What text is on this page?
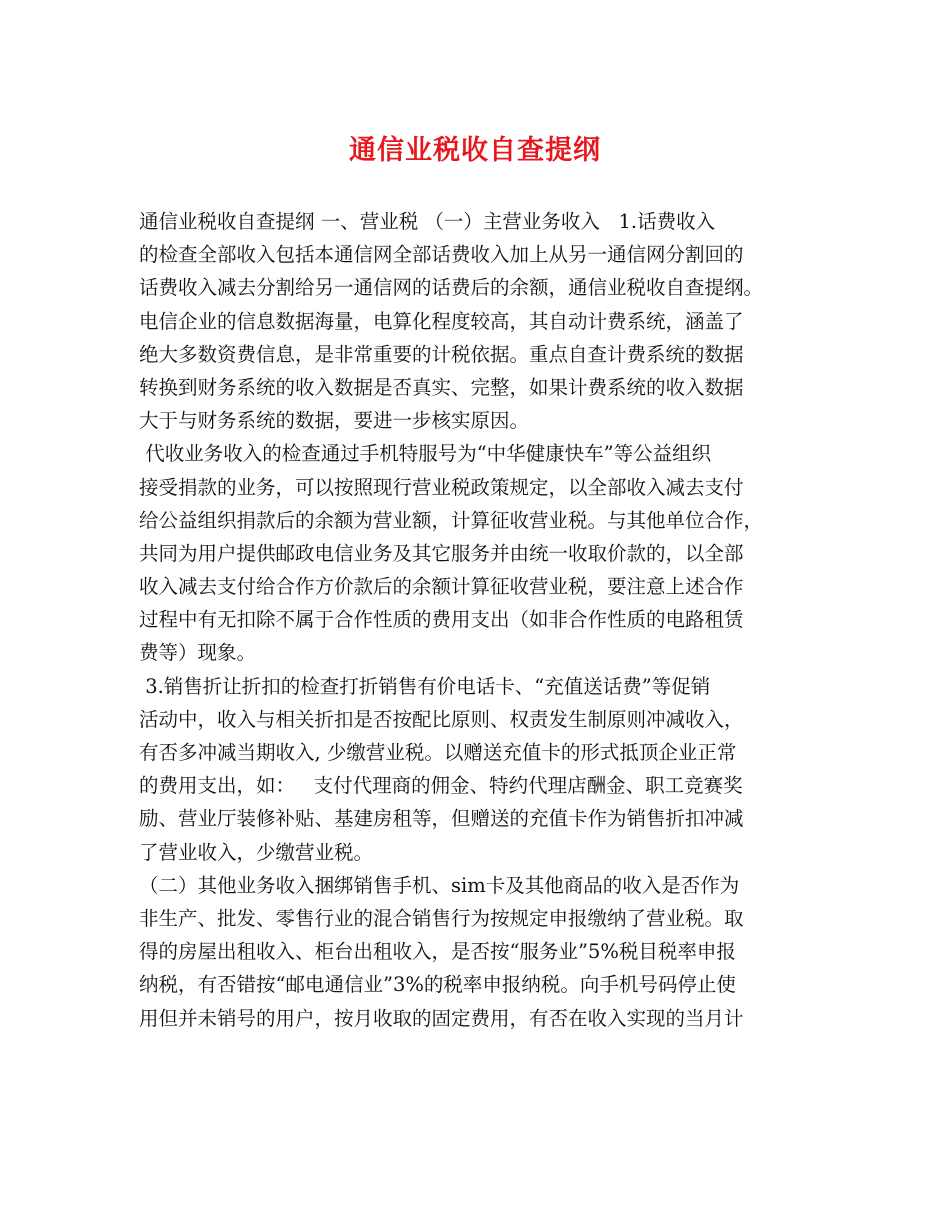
通信业税收自查提纲
通信业税收自查提纲 一、营业税 （一）主营业务收入   1.话费收入
的检查全部收入包括本通信网全部话费收入加上从另一通信网分割回的
话费收入减去分割给另一通信网的话费后的余额，通信业税收自查提纲。
电信企业的信息数据海量，电算化程度较高，其自动计费系统，涵盖了
绝大多数资费信息，是非常重要的计税依据。重点自查计费系统的数据
转换到财务系统的收入数据是否真实、完整，如果计费系统的收入数据
大于与财务系统的数据，要进一步核实原因。
代收业务收入的检查通过手机特服号为“中华健康快车”等公益组织
接受捐款的业务，可以按照现行营业税政策规定，以全部收入减去支付
给公益组织捐款后的余额为营业额，计算征收营业税。与其他单位合作，
共同为用户提供邮政电信业务及其它服务并由统一收取价款的，以全部
收入减去支付给合作方价款后的余额计算征收营业税，要注意上述合作
过程中有无扣除不属于合作性质的费用支出（如非合作性质的电路租赁
费等）现象。
3.销售折让折扣的检查打折销售有价电话卡、“充值送话费”等促销
活动中，收入与相关折扣是否按配比原则、权责发生制原则冲减收入，
有否多冲减当期收入, 少缴营业税。以赠送充值卡的形式抵顶企业正常
的费用支出，如：   支付代理商的佣金、特约代理店酬金、职工竞赛奖
励、营业厅装修补贴、基建房租等，但赠送的充值卡作为销售折扣冲减
了营业收入，少缴营业税。
（二）其他业务收入捆绑销售手机、sim卡及其他商品的收入是否作为
非生产、批发、零售行业的混合销售行为按规定申报缴纳了营业税。取
得的房屋出租收入、柜台出租收入，是否按“服务业”5%税目税率申报
纳税，有否错按“邮电通信业”3%的税率申报纳税。向手机号码停止使
用但并未销号的用户，按月收取的固定费用，有否在收入实现的当月计
